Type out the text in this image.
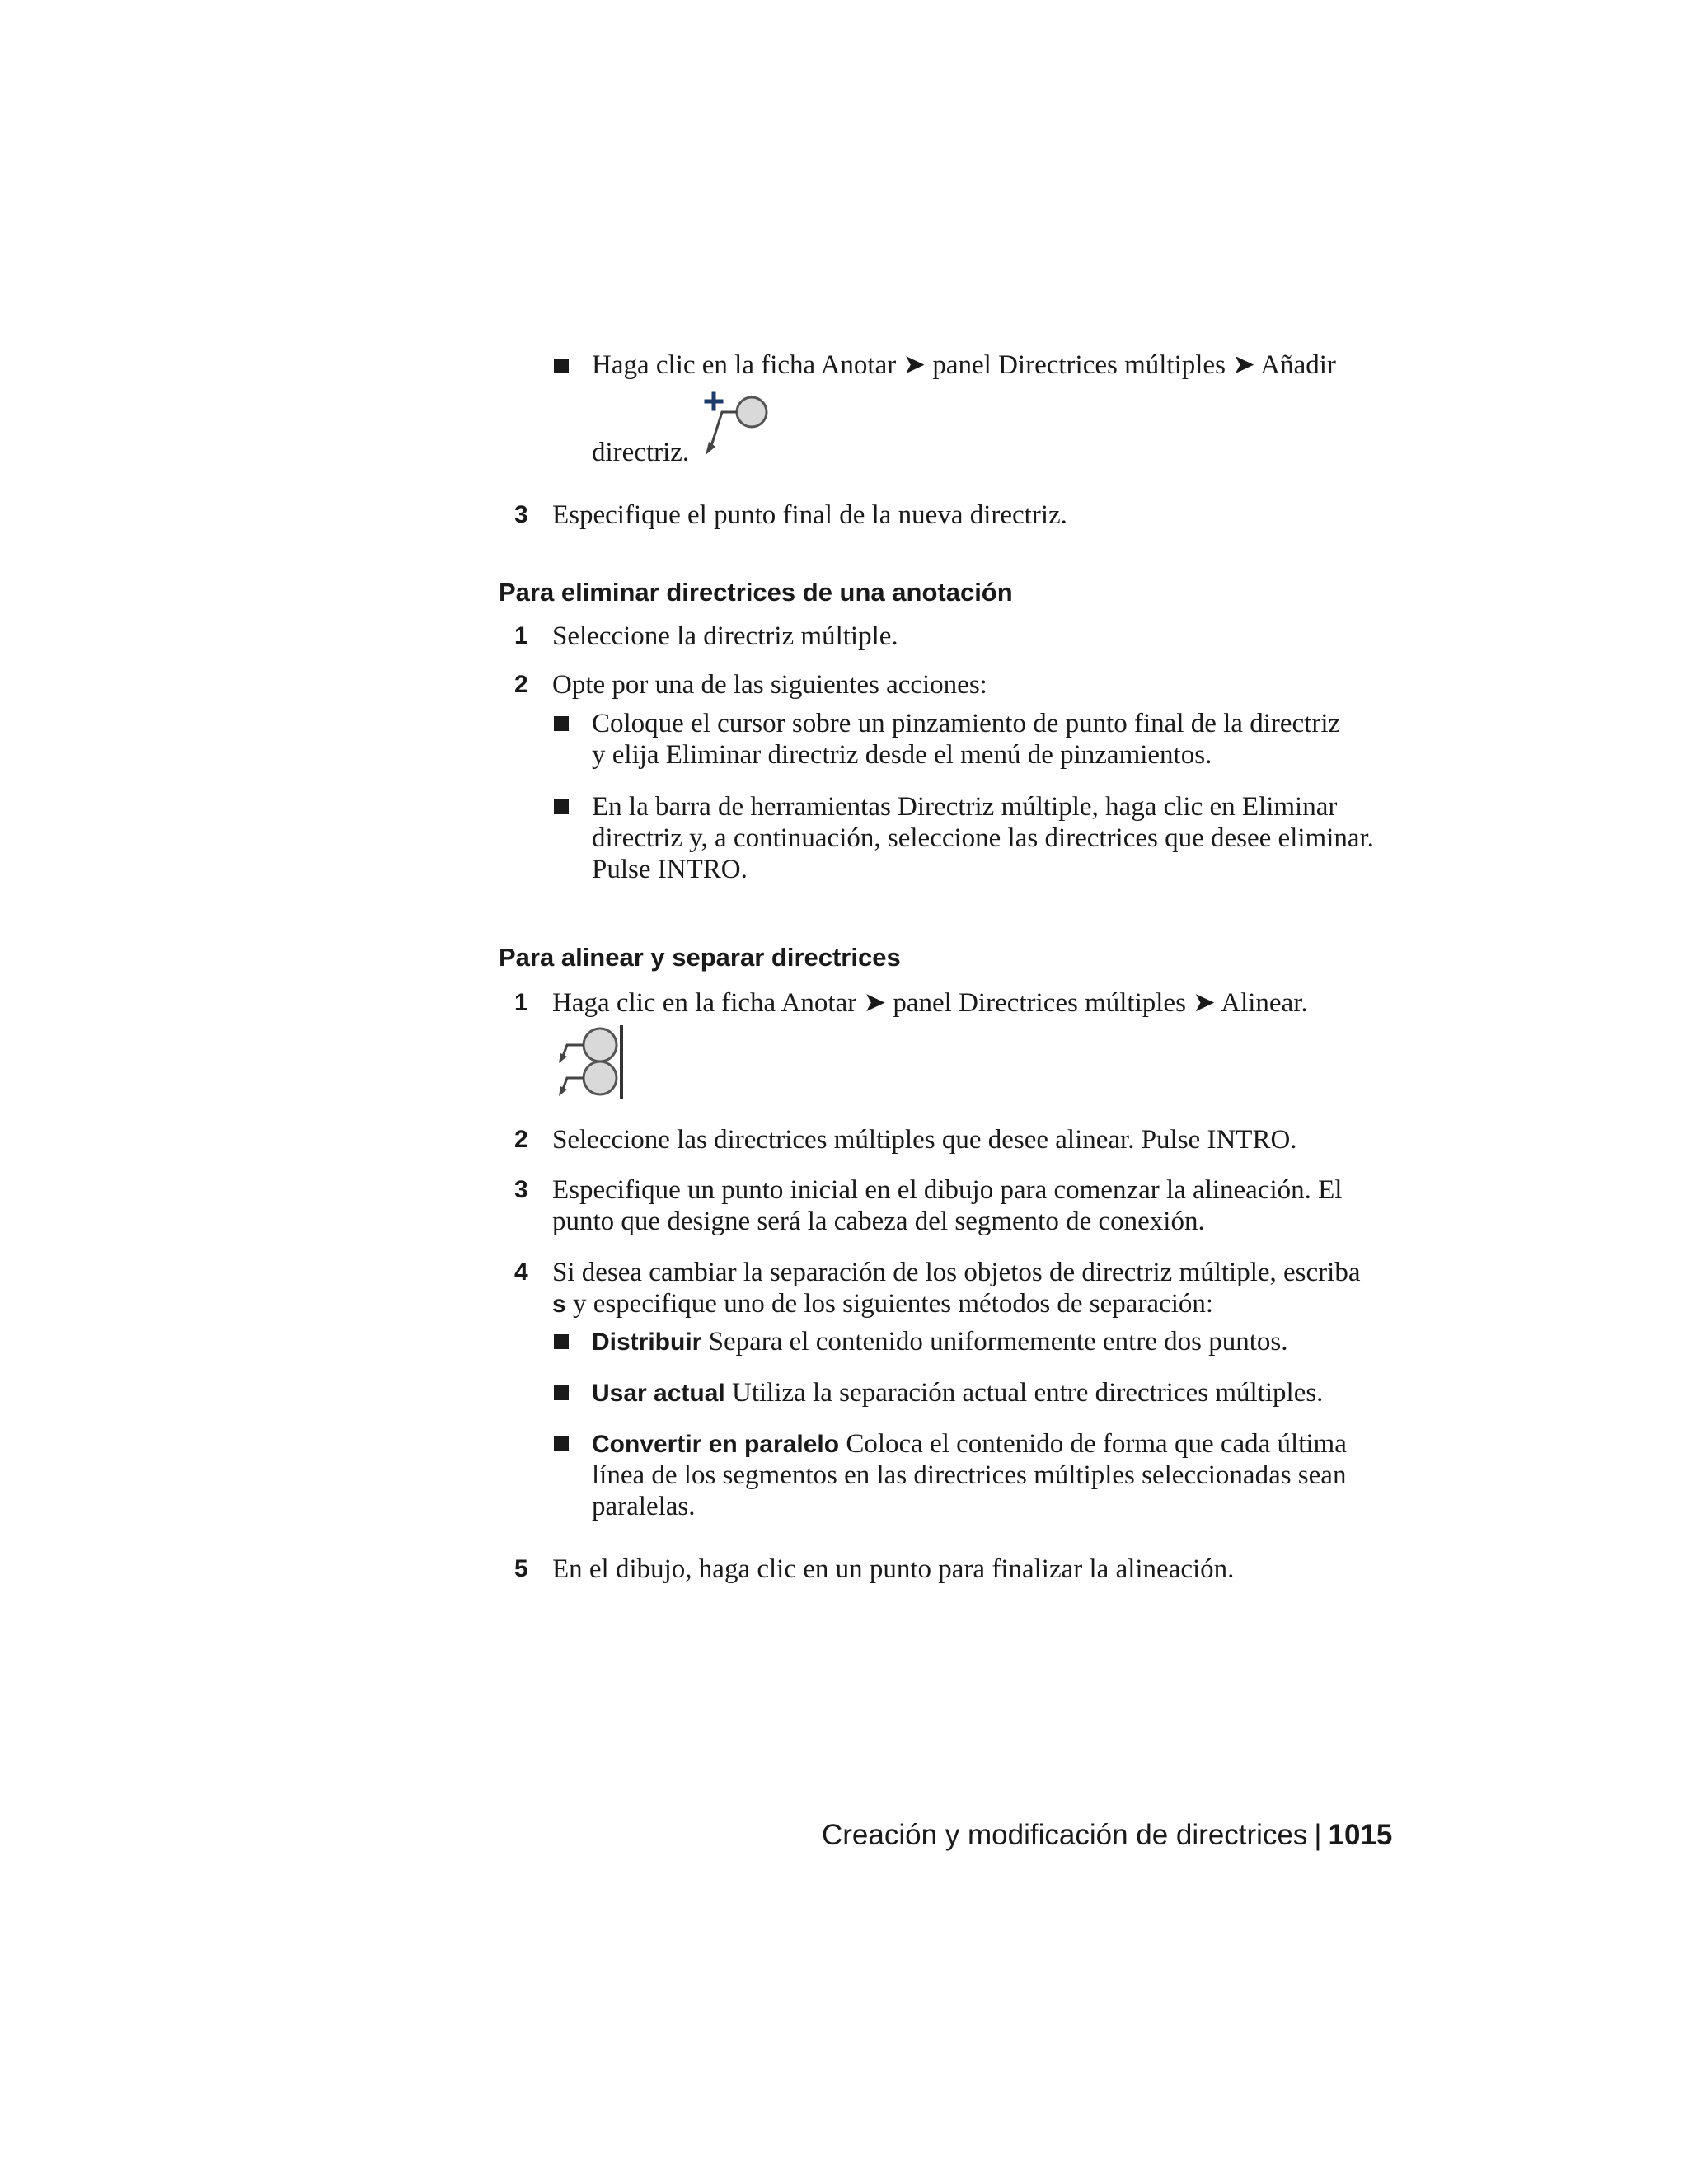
Haga clic en la ficha Anotar ➤ panel Directrices múltiples ➤ Añadir
directriz.
3 Especifique el punto final de la nueva directriz.
Para eliminar directrices de una anotación
1 Seleccione la directriz múltiple.
2 Opte por una de las siguientes acciones:
Coloque el cursor sobre un pinzamiento de punto final de la directriz
y elija Eliminar directriz desde el menú de pinzamientos.
En la barra de herramientas Directriz múltiple, haga clic en Eliminar
directriz y, a continuación, seleccione las directrices que desee eliminar.
Pulse INTRO.
Para alinear y separar directrices
1 Haga clic en la ficha Anotar ➤ panel Directrices múltiples ➤ Alinear.
2 Seleccione las directrices múltiples que desee alinear. Pulse INTRO.
3 Especifique un punto inicial en el dibujo para comenzar la alineación. El
punto que designe será la cabeza del segmento de conexión.
4 Si desea cambiar la separación de los objetos de directriz múltiple, escriba
s y especifique uno de los siguientes métodos de separación:
Distribuir Separa el contenido uniformemente entre dos puntos.
Usar actual Utiliza la separación actual entre directrices múltiples.
Convertir en paralelo Coloca el contenido de forma que cada última
línea de los segmentos en las directrices múltiples seleccionadas sean
paralelas.
5 En el dibujo, haga clic en un punto para finalizar la alineación.
Creación y modificación de directrices | 1015
